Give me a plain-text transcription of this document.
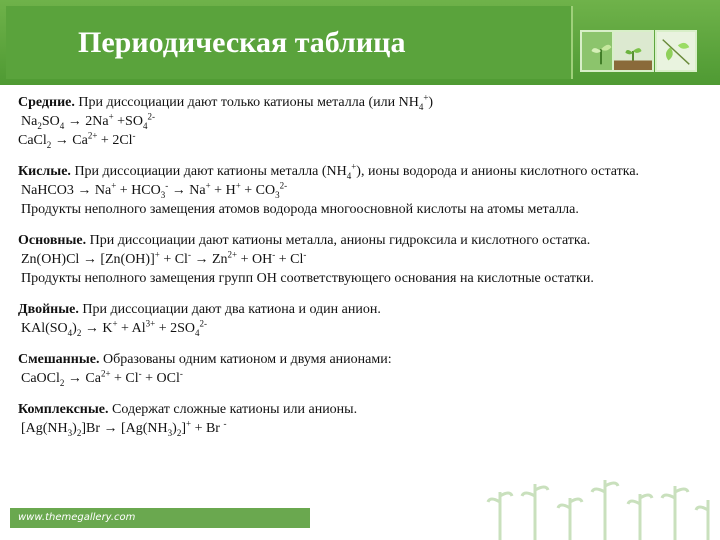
Периодическая таблица
Средние. При диссоциации дают только катионы металла (или $NH_4^+$)
$Na_2SO_4 \to 2Na^+ +SO_4^{2-}$
CaCl$_2$ → $Ca^{2+} + 2Cl^-$
Кислые. При диссоциации дают катионы металла $(NH_4^+)$, ионы водорода и анионы кислотного остатка.
NaHCO3 → $Na^+ + HCO_3^- \to Na^+ + H^+ + CO_3^{2-}$
Продукты неполного замещения атомов водорода многоосновной кислоты на атомы металла.
Основные. При диссоциации дают катионы металла, анионы гидроксила и кислотного остатка.
$Zn(OH)Cl \to [Zn(OH)]^+ + Cl^- \to Zn^{2+} + OH^- + Cl^-$
Продукты неполного замещения групп ОН соответствующего основания на кислотные остатки.
Двойные. При диссоциации дают два катиона и один анион.
$KAl(SO_4)_2 \to K^+ + Al^{3+} + 2SO_4^{2-}$
Смешанные. Образованы одним катионом и двумя анионами:
CaOCl$_2$ → $Ca^{2+} + Cl^- + OCl^-$
Комплексные. Содержат сложные катионы или анионы.
$[Ag(NH_3)_2]Br \to [Ag(NH_3)_2]^+ + Br$ -
www.themegallery.com
